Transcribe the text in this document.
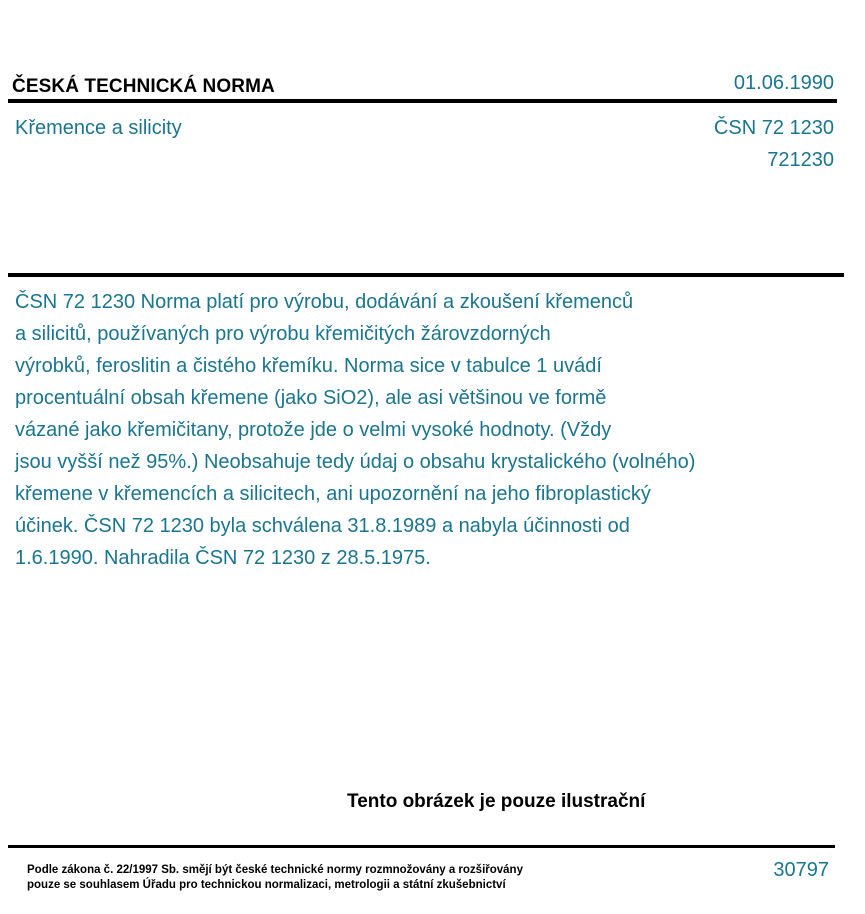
ČESKÁ TECHNICKÁ NORMA	01.06.1990
Křemence a silicity	ČSN 72 1230
721230
ČSN 72 1230 Norma platí pro výrobu, dodávání a zkoušení křemenců
a silicitů, používaných pro výrobu křemičitých žárovzdorných
výrobků, feroslitin a čistého křemíku. Norma sice v tabulce 1 uvádí
procentuální obsah křemene (jako SiO2), ale asi většinou ve formě
vázané jako křemičitany, protože jde o velmi vysoké hodnoty. (Vždy
jsou vyšší než 95%.) Neobsahuje tedy údaj o obsahu krystalického (volného)
křemene v křemencích a silicitech, ani upozornění na jeho fibroplastický
účinek. ČSN 72 1230 byla schválena 31.8.1989 a nabyla účinnosti od
1.6.1990. Nahradila ČSN 72 1230 z 28.5.1975.
Tento obrázek je pouze ilustrační
Podle zákona č. 22/1997 Sb. smějí být české technické normy rozmnožovány a rozšiřovány
pouze se souhlasem Úřadu pro technickou normalizaci, metrologii a státní zkušebnictví
30797
